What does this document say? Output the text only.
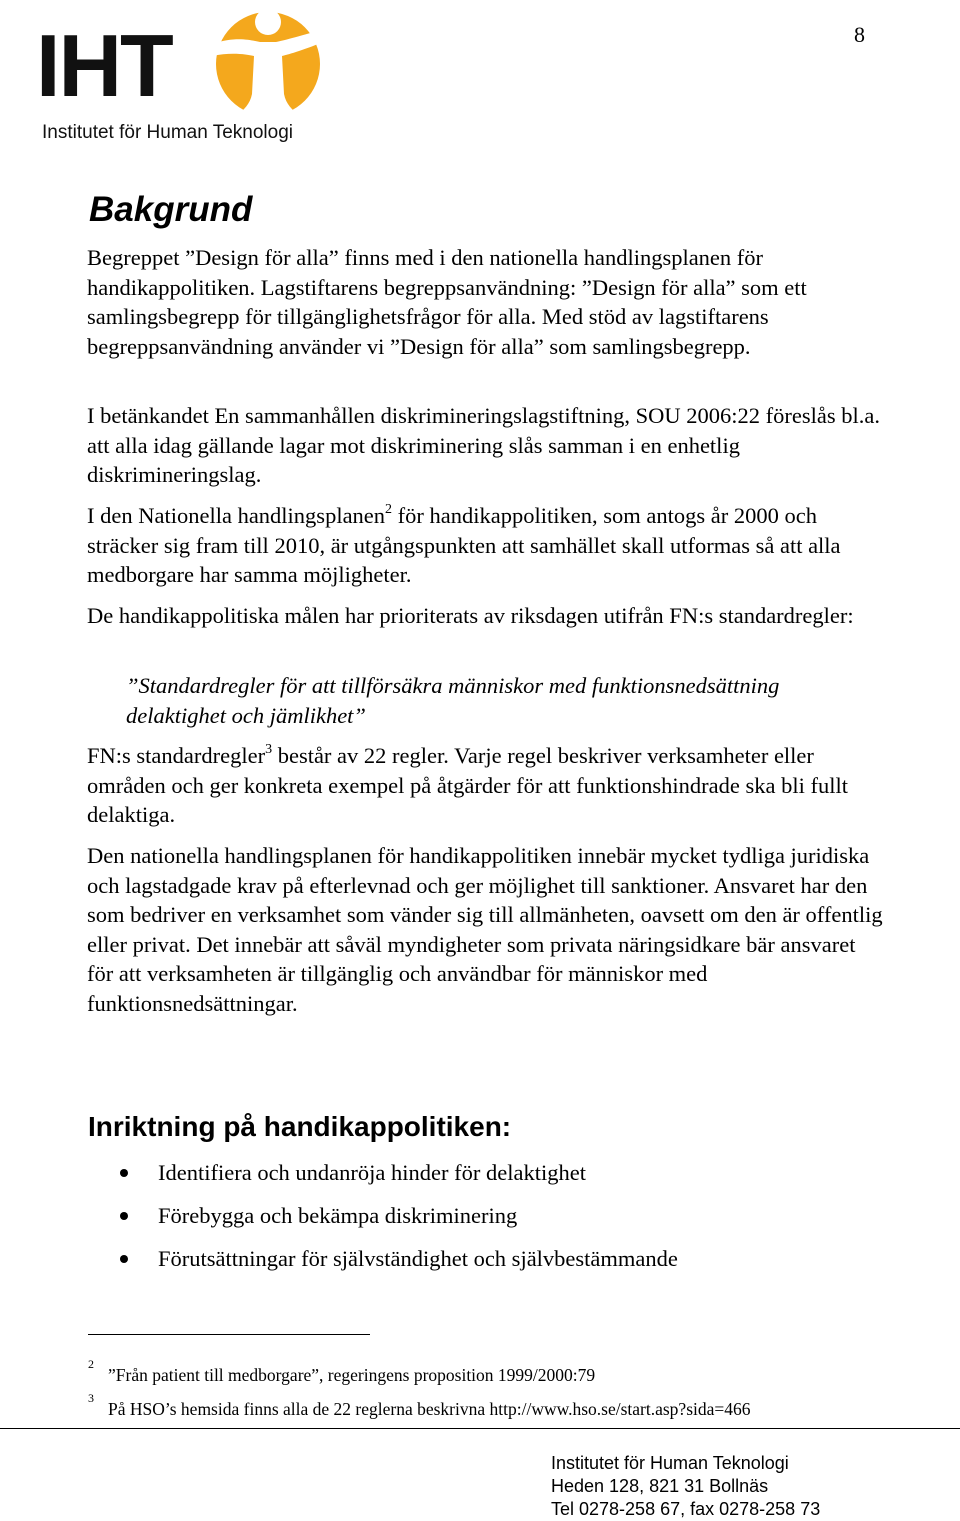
8
IHT
Institutet för Human Teknologi
Bakgrund

Begreppet ”Design för alla” finns med i den nationella handlingsplanen för handikappolitiken. Lagstiftarens begreppsanvändning: ”Design för alla” som ett samlingsbegrepp för tillgänglighetsfrågor för alla. Med stöd av lagstiftarens begreppsanvändning använder vi ”Design för alla” som samlingsbegrepp.

I betänkandet En sammanhållen diskrimineringslagstiftning, SOU 2006:22 föreslås bl.a. att alla idag gällande lagar mot diskriminering slås samman i en enhetlig diskrimineringslag.

I den Nationella handlingsplanen$^2$ för handikappolitiken, som antogs år 2000 och sträcker sig fram till 2010, är utgångspunkten att samhället skall utformas så att alla medborgare har samma möjligheter.

De handikappolitiska målen har prioriterats av riksdagen utifrån FN:s standardregler:

”Standardregler för att tillförsäkra människor med funktionsnedsättning delaktighet och jämlikhet”

FN:s standardregler$^3$ består av 22 regler. Varje regel beskriver verksamheter eller områden och ger konkreta exempel på åtgärder för att funktionshindrade ska bli fullt delaktiga.

Den nationella handlingsplanen för handikappolitiken innebär mycket tydliga juridiska och lagstadgade krav på efterlevnad och ger möjlighet till sanktioner. Ansvaret har den som bedriver en verksamhet som vänder sig till allmänheten, oavsett om den är offentlig eller privat. Det innebär att såväl myndigheter som privata näringsidkare bär ansvaret för att verksamheten är tillgänglig och användbar för människor med funktionsnedsättningar.

Inriktning på handikappolitiken:
Identifiera och undanröja hinder för delaktighet
Förebygga och bekämpa diskriminering
Förutsättningar för självständighet och självbestämmande
$^2$”Från patient till medborgare”, regeringens proposition 1999/2000:79
$^3$På HSO’s hemsida finns alla de 22 reglerna beskrivna http://www.hso.se/start.asp?sida=466
Institutet för Human Teknologi
Heden 128, 821 31 Bollnäs
Tel 0278-258 67, fax 0278-258 73
